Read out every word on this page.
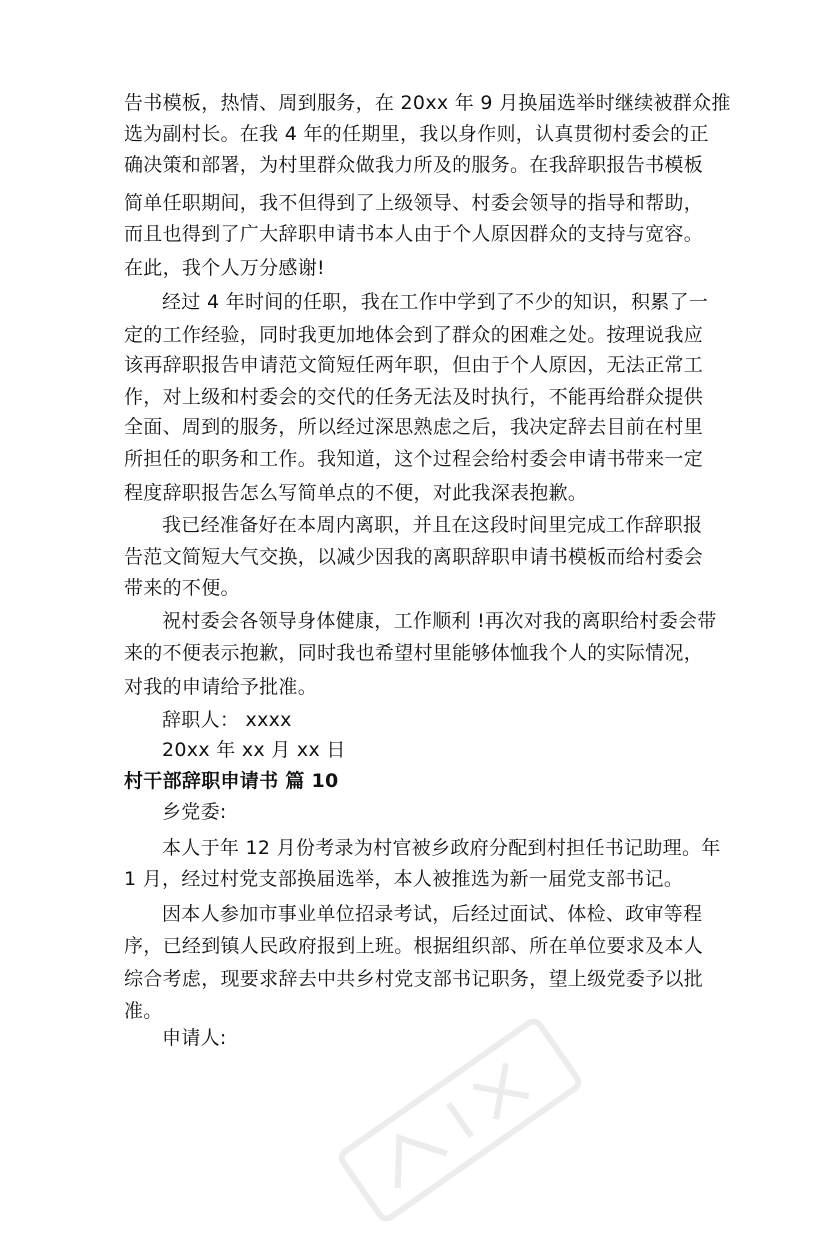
告书模板，热情、周到服务，在 20xx 年 9 月换届选举时继续被群众推
选为副村长。在我 4 年的任期里，我以身作则，认真贯彻村委会的正
确决策和部署，为村里群众做我力所及的服务。在我辞职报告书模板
简单任职期间，我不但得到了上级领导、村委会领导的指导和帮助，
而且也得到了广大辞职申请书本人由于个人原因群众的支持与宽容。
在此，我个人万分感谢!
经过 4 年时间的任职，我在工作中学到了不少的知识，积累了一
定的工作经验，同时我更加地体会到了群众的困难之处。按理说我应
该再辞职报告申请范文简短任两年职，但由于个人原因，无法正常工
作，对上级和村委会的交代的任务无法及时执行，不能再给群众提供
全面、周到的服务，所以经过深思熟虑之后，我决定辞去目前在村里
所担任的职务和工作。我知道，这个过程会给村委会申请书带来一定
程度辞职报告怎么写简单点的不便，对此我深表抱歉。
我已经准备好在本周内离职，并且在这段时间里完成工作辞职报
告范文简短大气交换，以减少因我的离职辞职申请书模板而给村委会
带来的不便。
祝村委会各领导身体健康，工作顺利 !再次对我的离职给村委会带
来的不便表示抱歉，同时我也希望村里能够体恤我个人的实际情况，
对我的申请给予批准。
辞职人： xxxx
20xx 年 xx 月 xx 日
村干部辞职申请书 篇 10
乡党委:
本人于年 12 月份考录为村官被乡政府分配到村担任书记助理。年
1 月，经过村党支部换届选举，本人被推选为新一届党支部书记。
因本人参加市事业单位招录考试，后经过面试、体检、政审等程
序，已经到镇人民政府报到上班。根据组织部、所在单位要求及本人
综合考虑，现要求辞去中共乡村党支部书记职务，望上级党委予以批
准。
申请人:
